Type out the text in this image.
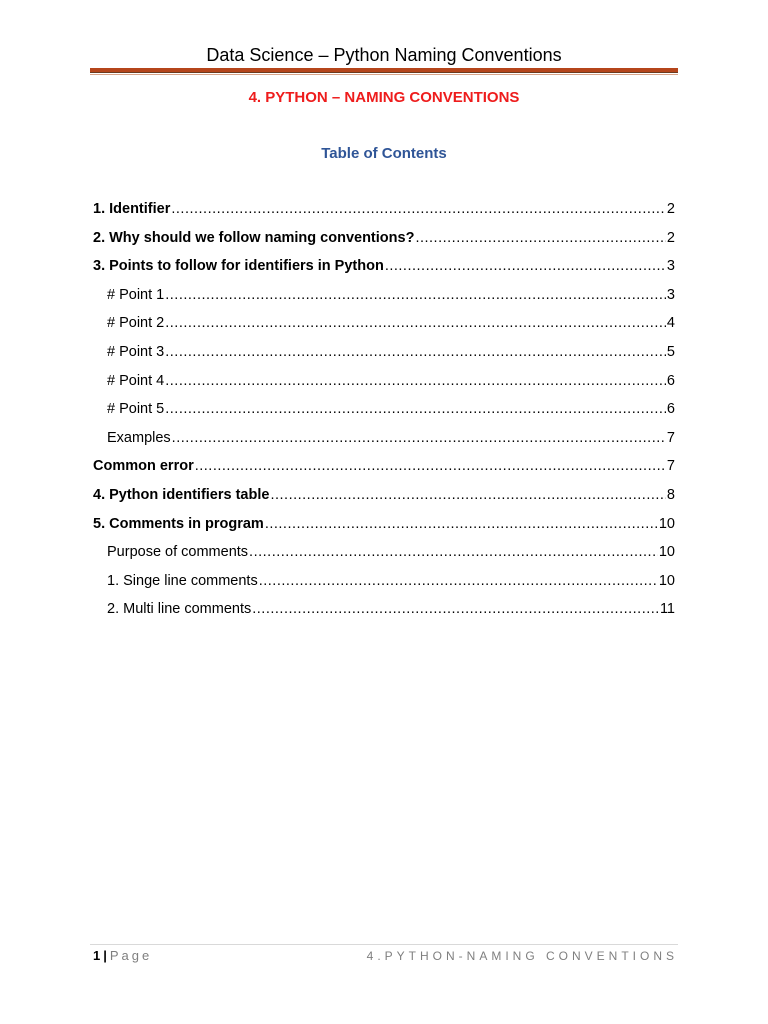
Data Science – Python Naming Conventions
4. PYTHON – NAMING CONVENTIONS
Table of Contents
1. Identifier .....	2
2. Why should we follow naming conventions? .....	2
3. Points to follow for identifiers in Python .....	3
# Point 1 .....	3
# Point 2 .....	4
# Point 3 .....	5
# Point 4 .....	6
# Point 5 .....	6
Examples .....	7
Common error .....	7
4. Python identifiers table .....	8
5. Comments in program .....	10
Purpose of comments .....	10
1. Singe line comments .....	10
2. Multi line comments .....	11
1 | Page	4.PYTHON-NAMING CONVENTIONS
